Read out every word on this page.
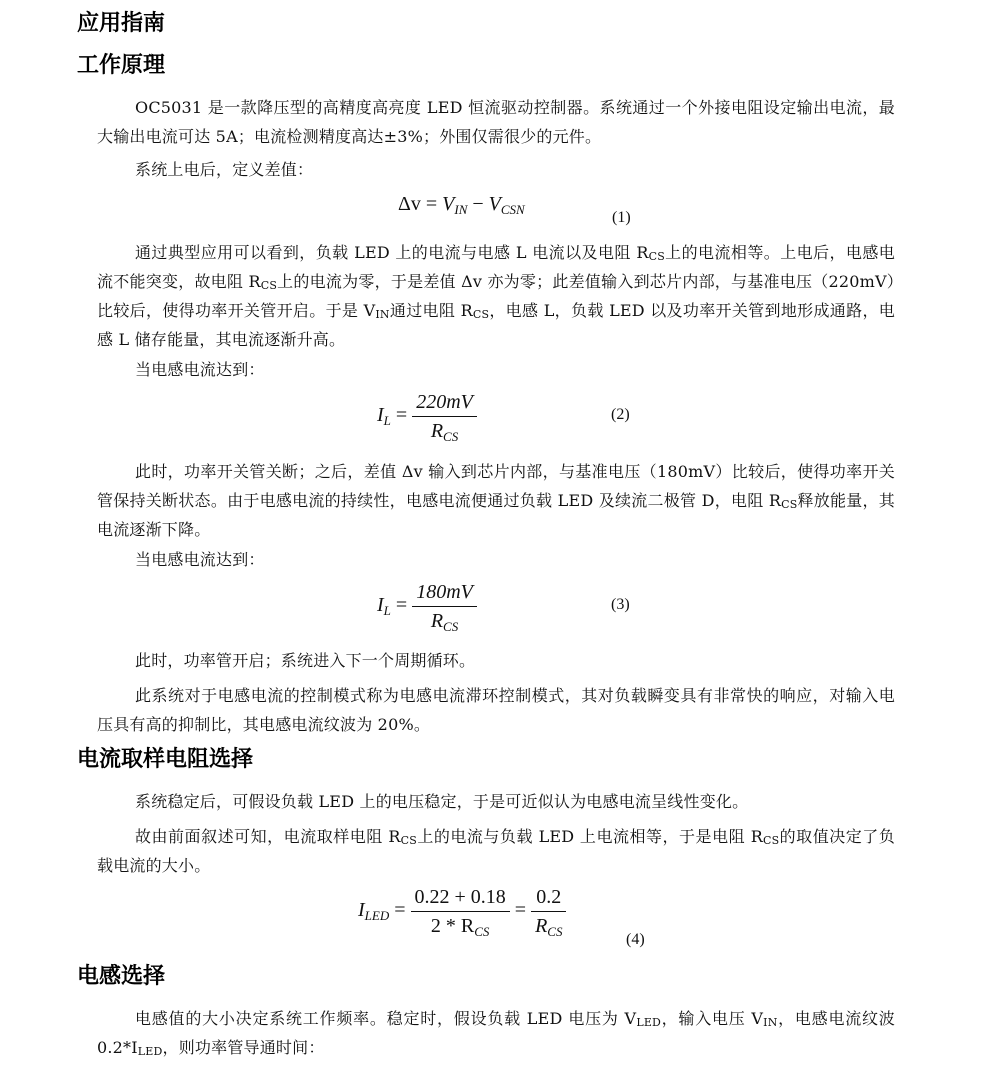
应用指南
工作原理

OC5031 是一款降压型的高精度高亮度 LED 恒流驱动控制器。系统通过一个外接电阻设定输出电流，最大输出电流可达 5A；电流检测精度高达±3%；外围仅需很少的元件。

系统上电后，定义差值：

$\Delta v = V_{IN} - V_{CSN}$	(1)

通过典型应用可以看到，负载 LED 上的电流与电感 L 电流以及电阻 $R_{CS}$上的电流相等。上电后，电感电流不能突变，故电阻 $R_{CS}$上的电流为零，于是差值 Δv 亦为零；此差值输入到芯片内部，与基准电压（220mV）比较后，使得功率开关管开启。于是 $V_{IN}$通过电阻 $R_{CS}$，电感 L，负载 LED 以及功率开关管到地形成通路，电感 L 储存能量，其电流逐渐升高。

当电感电流达到：

$I_L = \frac{220mV}{R_{CS}}$	(2)

此时，功率开关管关断；之后，差值 Δv 输入到芯片内部，与基准电压（180mV）比较后，使得功率开关管保持关断状态。由于电感电流的持续性，电感电流便通过负载 LED 及续流二极管 D，电阻 $R_{CS}$释放能量，其电流逐渐下降。

当电感电流达到：

$I_L = \frac{180mV}{R_{CS}}$	(3)

此时，功率管开启；系统进入下一个周期循环。

此系统对于电感电流的控制模式称为电感电流滞环控制模式，其对负载瞬变具有非常快的响应，对输入电压具有高的抑制比，其电感电流纹波为 20%。

电流取样电阻选择

系统稳定后，可假设负载 LED 上的电压稳定，于是可近似认为电感电流呈线性变化。

故由前面叙述可知，电流取样电阻 $R_{CS}$上的电流与负载 LED 上电流相等，于是电阻 $R_{CS}$的取值决定了负载电流的大小。

$I_{LED} = \frac{0.22 + 0.18}{2 * R_{CS}} = \frac{0.2}{R_{CS}}$
(4)
电感选择

电感值的大小决定系统工作频率。稳定时，假设负载 LED 电压为 $V_{LED}$，输入电压 $V_{IN}$，电感电流纹波 $0.2*I_{LED}$，则功率管导通时间：
